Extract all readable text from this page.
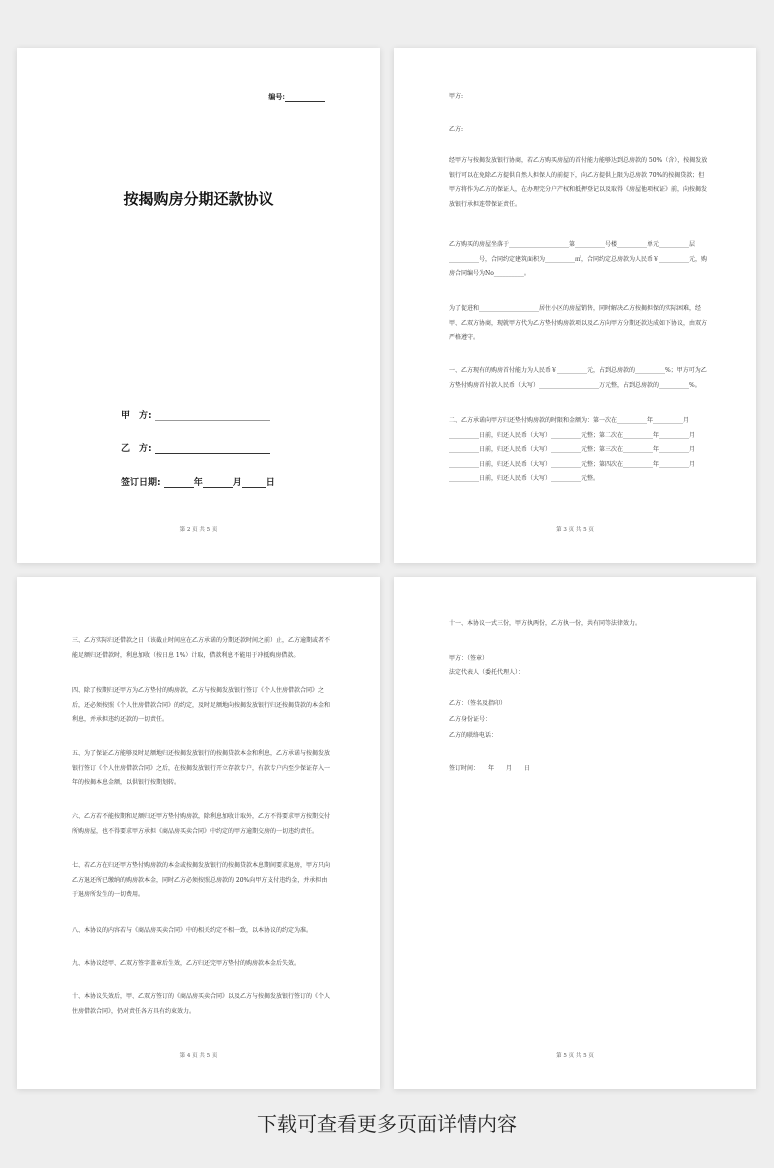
编号:
按揭购房分期还款协议
甲　方:
乙　方:
签订日期:	年	月	日
第 2 页 共 5 页
甲方:
乙方:
经甲方与按揭发放银行协商，若乙方购买房屋的首付能力能够达到总房款的 50%（含），按揭发放银行可以在免除乙方提供自然人担保人的前提下，向乙方提供上限为总房款 70%的按揭贷款；但甲方将作为乙方的保证人，在办理完分户产权和抵押登记以及取得《房屋他项权证》前，向按揭发放银行承担连带保证责任。
乙方购买的房屋坐落于____________________第__________号楼__________单元__________层__________号，合同约定建筑面积为__________㎡，合同约定总房款为人民币￥__________元，购房合同编号为No__________。
为了促进和____________________居住小区的房屋销售，同时解决乙方按揭担保的实际困难，经甲、乙双方协商，现就甲方代为乙方垫付购房款项以及乙方向甲方分期还款达成如下协议，由双方严格遵守。
一、乙方现有的购房首付能力为人民币￥__________元，占到总房款的__________%；甲方可为乙方垫付购房首付款人民币（大写）____________________万元整，占到总房款的__________%。
二、乙方承诺向甲方归还垫付购房款的时限和金额为：第一次在__________年__________月__________日前，归还人民币（大写）__________元整；第二次在__________年__________月__________日前，归还人民币（大写）__________元整；第三次在__________年__________月__________日前，归还人民币（大写）__________元整；第四次在__________年__________月__________日前，归还人民币（大写）__________元整。
第 3 页 共 5 页
三、乙方实际归还借款之日（该截止时间应在乙方承诺的分期还款时间之前）止，乙方逾期或者不能足额归还借款时，利息加收（按日息 1%）计取，借款利息不能用于冲抵购房借款。
四、除了按期归还甲方为乙方垫付的购房款，乙方与按揭发放银行签订《个人住房借款合同》之后，还必须按照《个人住房借款合同》的约定，及时足额地向按揭发放银行归还按揭贷款的本金和利息，并承担违约还款的一切责任。
五、为了保证乙方能够及时足额地归还按揭发放银行的按揭贷款本金和利息，乙方承诺与按揭发放银行签订《个人住房借款合同》之后，在按揭发放银行开立存款专户，有款专户内至少保证存入一年的按揭本息金额，以供银行按期划转。
六、乙方若不能按期和足额归还甲方垫付购房款，除利息加收计取外，乙方不得要求甲方按期交付所购房屋，也不得要求甲方承担《商品房买卖合同》中约定的甲方逾期交房的一切违约责任。
七、若乙方在归还甲方垫付购房款的本金或按揭发放银行的按揭贷款本息期间要求退房，甲方只向乙方退还所已缴纳的购房款本金，同时乙方必须按照总房款的 20%向甲方支付违约金，并承担由于退房所发生的一切费用。
八、本协议的内容若与《商品房买卖合同》中的相关约定不相一致，以本协议的约定为准。
九、本协议经甲、乙双方签字盖章后生效，乙方归还完甲方垫付的购房款本金后失效。
十、本协议失效后，甲、乙双方签订的《商品房买卖合同》以及乙方与按揭发放银行签订的《个人住房借款合同》，仍对责任各方具有约束效力。
第 4 页 共 5 页
十一、本协议一式三份，甲方执两份，乙方执一份，共有同等法律效力。
甲方：（签章）
法定代表人（委托代理人）：
乙方：（签名及指印）
乙方身份证号：
乙方的联络电话：
签订时间：　　年　　月　　日
第 5 页 共 5 页
下载可查看更多页面详情内容
